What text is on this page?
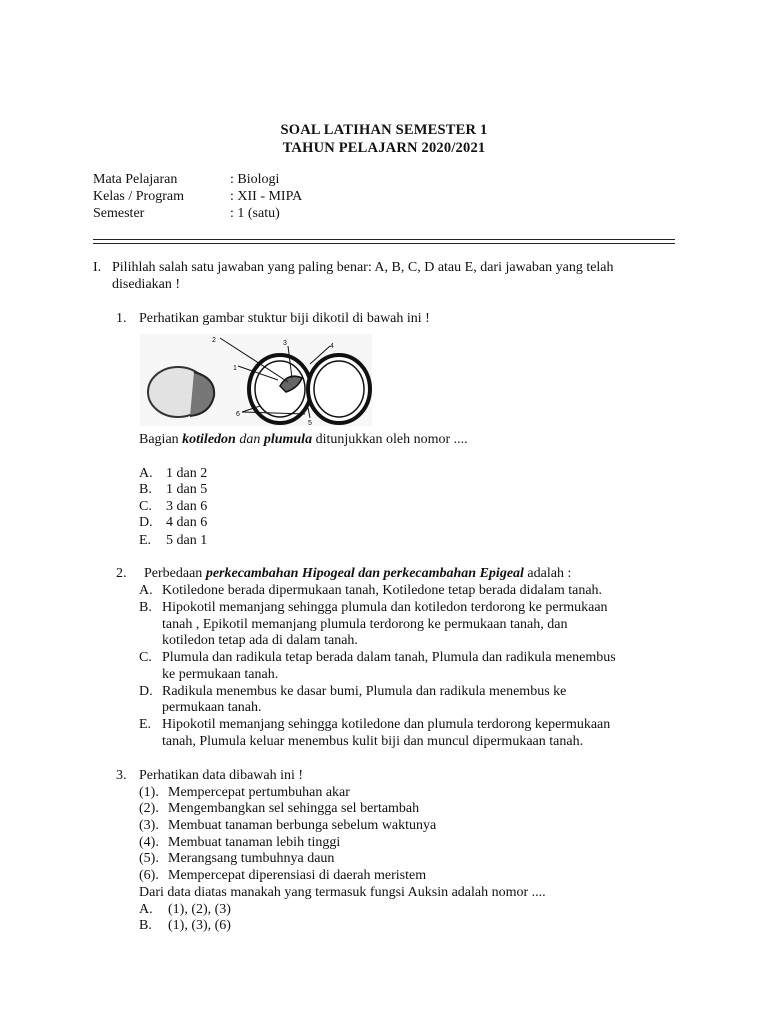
SOAL LATIHAN SEMESTER 1
TAHUN PELAJARN 2020/2021
Mata Pelajaran	: Biologi
Kelas / Program	: XII - MIPA
Semester	: 1 (satu)
I. Pilihlah salah satu jawaban yang paling benar: A, B, C, D atau E, dari jawaban yang telah
disediakan !
1. Perhatikan gambar stuktur biji dikotil di bawah ini !
1
2	3	4
5
6
Bagian kotiledon dan plumula ditunjukkan oleh nomor ....
A. 1 dan 2
B. 1 dan 5
C. 3 dan 6
D. 4 dan 6
E. 5 dan 1
2. Perbedaan perkecambahan Hipogeal dan perkecambahan Epigeal adalah :
A. Kotiledone berada dipermukaan tanah, Kotiledone tetap berada didalam tanah.
B. Hipokotil memanjang sehingga plumula dan kotiledon terdorong ke permukaan
tanah , Epikotil memanjang plumula terdorong ke permukaan tanah, dan
kotiledon tetap ada di dalam tanah.
C. Plumula dan radikula tetap berada dalam tanah, Plumula dan radikula menembus
ke permukaan tanah.
D. Radikula menembus ke dasar bumi, Plumula dan radikula menembus ke
permukaan tanah.
E. Hipokotil memanjang sehingga kotiledone dan plumula terdorong kepermukaan
tanah, Plumula keluar menembus kulit biji dan muncul dipermukaan tanah.
3. Perhatikan data dibawah ini !
(1). Mempercepat pertumbuhan akar
(2). Mengembangkan sel sehingga sel bertambah
(3). Membuat tanaman berbunga sebelum waktunya
(4). Membuat tanaman lebih tinggi
(5). Merangsang tumbuhnya daun
(6). Mempercepat diperensiasi di daerah meristem
Dari data diatas manakah yang termasuk fungsi Auksin adalah nomor ....
A. (1), (2), (3)
B. (1), (3), (6)
